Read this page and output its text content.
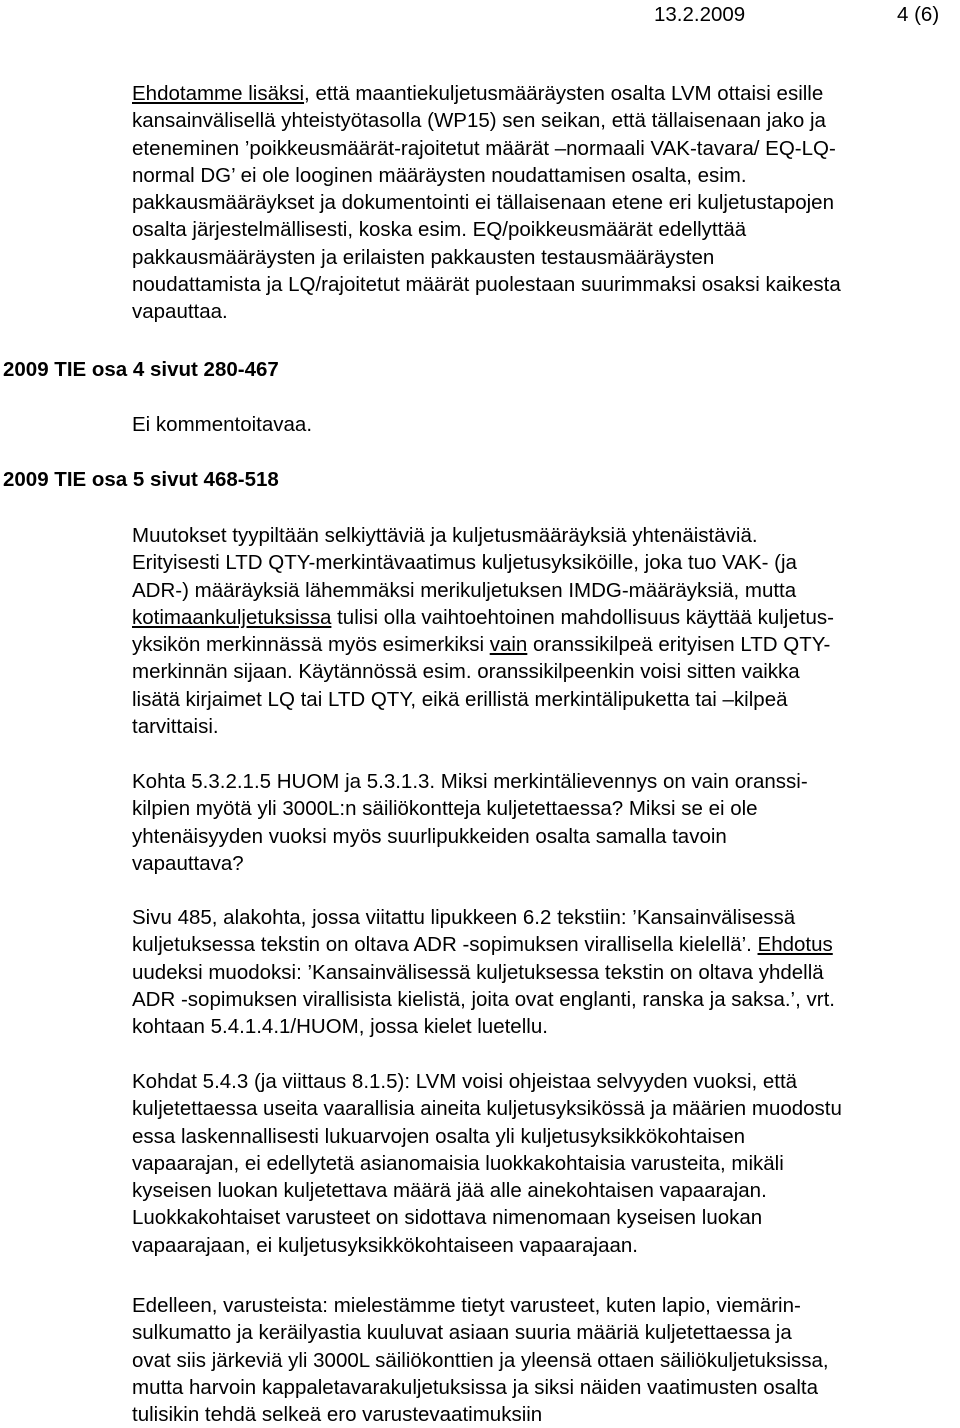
13.2.2009	4 (6)
Ehdotamme lisäksi, että maantiekuljetusmääräysten osalta LVM ottaisi esille
kansainvälisellä yhteistyötasolla (WP15) sen seikan, että tällaisenaan jako ja
eteneminen ’poikkeusmäärät-rajoitetut määrät –normaali VAK-tavara/ EQ-LQ-
normal DG’ ei ole looginen määräysten noudattamisen osalta, esim.
pakkausmääräykset ja dokumentointi ei tällaisenaan etene eri kuljetustapojen
osalta järjestelmällisesti, koska esim. EQ/poikkeusmäärät edellyttää
pakkausmääräysten ja erilaisten pakkausten testausmääräysten
noudattamista ja LQ/rajoitetut määrät puolestaan suurimmaksi osaksi kaikesta
vapauttaa.
2009 TIE osa 4 sivut 280-467
Ei kommentoitavaa.
2009 TIE osa 5 sivut 468-518
Muutokset tyypiltään selkiyttäviä ja kuljetusmääräyksiä yhtenäistäviä.
Erityisesti LTD QTY-merkintävaatimus kuljetusyksiköille, joka tuo VAK- (ja
ADR-) määräyksiä lähemmäksi merikuljetuksen IMDG-määräyksiä, mutta
kotimaankuljetuksissa tulisi olla vaihtoehtoinen mahdollisuus käyttää kuljetus-
yksikön merkinnässä myös esimerkiksi vain oranssikilpeä erityisen LTD QTY-
merkinnän sijaan. Käytännössä esim. oranssikilpeenkin voisi sitten vaikka
lisätä kirjaimet LQ tai LTD QTY, eikä erillistä merkintälipuketta tai –kilpeä
tarvittaisi.
Kohta 5.3.2.1.5 HUOM ja 5.3.1.3. Miksi merkintälievennys on vain oranssi-
kilpien myötä yli 3000L:n säiliökontteja kuljetettaessa? Miksi se ei ole
yhtenäisyyden vuoksi myös suurlipukkeiden osalta samalla tavoin
vapauttava?
Sivu 485, alakohta, jossa viitattu lipukkeen 6.2 tekstiin: ’Kansainvälisessä
kuljetuksessa tekstin on oltava ADR -sopimuksen virallisella kielellä’. Ehdotus
uudeksi muodoksi: ’Kansainvälisessä kuljetuksessa tekstin on oltava yhdellä
ADR -sopimuksen virallisista kielistä, joita ovat englanti, ranska ja saksa.’, vrt.
kohtaan 5.4.1.4.1/HUOM, jossa kielet luetellu.
Kohdat 5.4.3 (ja viittaus 8.1.5): LVM voisi ohjeistaa selvyyden vuoksi, että
kuljetettaessa useita vaarallisia aineita kuljetusyksikössä ja määrien muodostu
essa laskennallisesti lukuarvojen osalta yli kuljetusyksikkökohtaisen
vapaarajan, ei edellytetä asianomaisia luokkakohtaisia varusteita, mikäli
kyseisen luokan kuljetettava määrä jää alle ainekohtaisen vapaarajan.
Luokkakohtaiset varusteet on sidottava nimenomaan kyseisen luokan
vapaarajaan, ei kuljetusyksikkökohtaiseen vapaarajaan.
Edelleen, varusteista: mielestämme tietyt varusteet, kuten lapio, viemärin-
sulkumatto ja keräilyastia kuuluvat asiaan suuria määriä kuljetettaessa ja
ovat siis järkeviä yli 3000L säiliökonttien ja yleensä ottaen säiliökuljetuksissa,
mutta harvoin kappaletavarakuljetuksissa ja siksi näiden vaatimusten osalta
tulisikin tehdä selkeä ero varustevaatimuksiin
